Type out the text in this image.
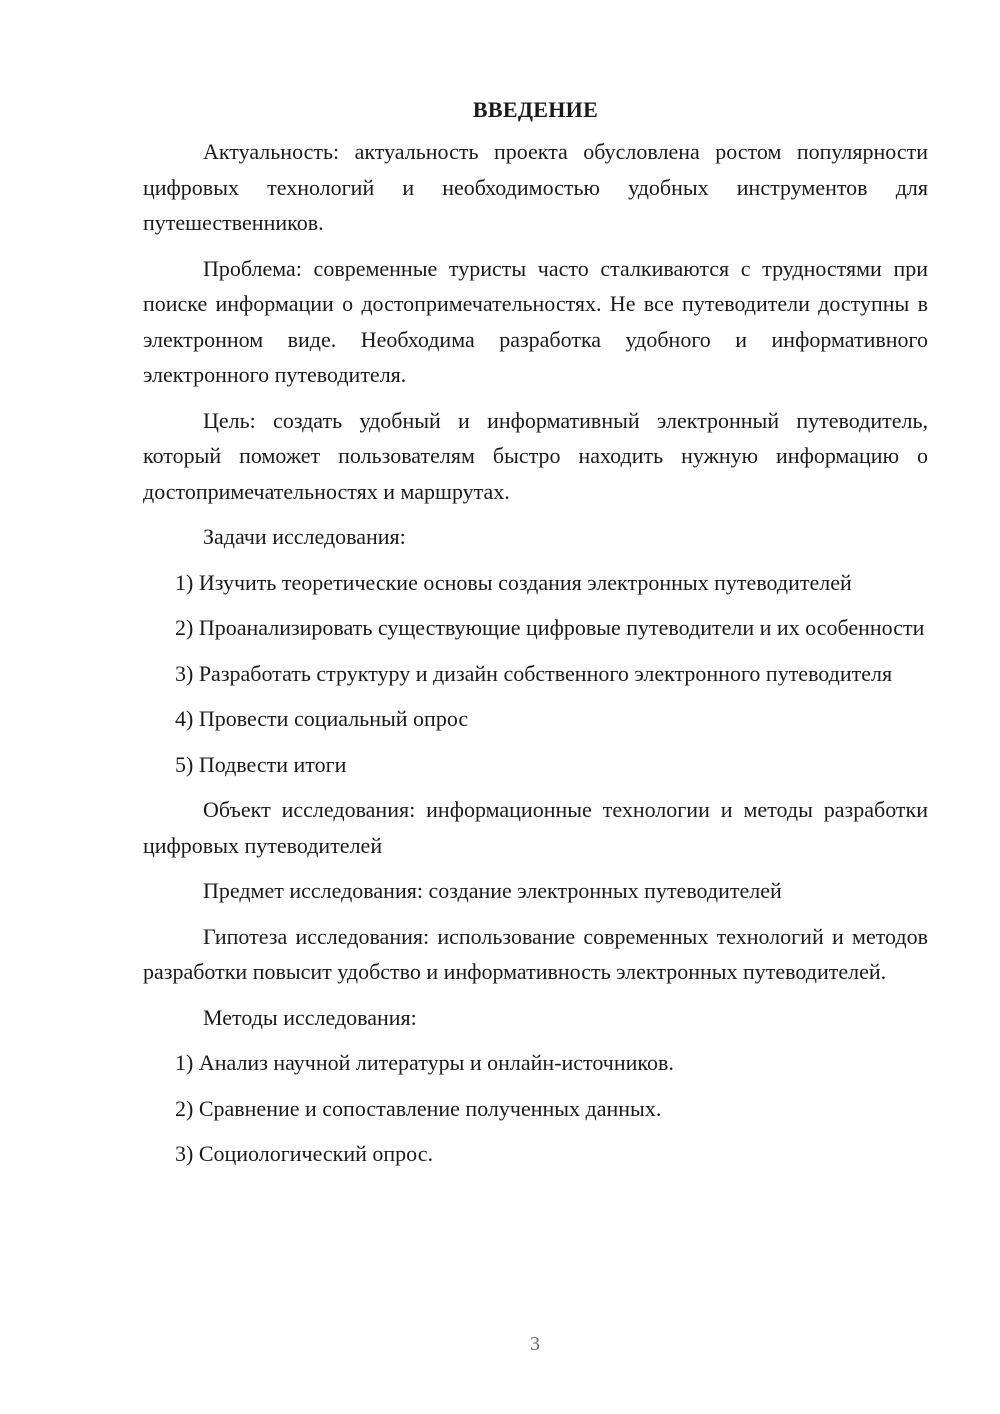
ВВЕДЕНИЕ

Актуальность: актуальность проекта обусловлена ростом популярности цифровых технологий и необходимостью удобных инструментов для путешественников.

Проблема: современные туристы часто сталкиваются с трудностями при поиске информации о достопримечательностях. Не все путеводители доступны в электронном виде. Необходима разработка удобного и информативного электронного путеводителя.

Цель: создать удобный и информативный электронный путеводитель, который поможет пользователям быстро находить нужную информацию о достопримечательностях и маршрутах.

Задачи исследования:

1) Изучить теоретические основы создания электронных путеводителей

2) Проанализировать существующие цифровые путеводители и их особенности

3) Разработать структуру и дизайн собственного электронного путеводителя

4) Провести социальный опрос

5) Подвести итоги

Объект исследования: информационные технологии и методы разработки цифровых путеводителей

Предмет исследования: создание электронных путеводителей

Гипотеза исследования: использование современных технологий и методов разработки повысит удобство и информативность электронных путеводителей.

Методы исследования:

1) Анализ научной литературы и онлайн-источников.

2) Сравнение и сопоставление полученных данных.

3) Социологический опрос.

3
